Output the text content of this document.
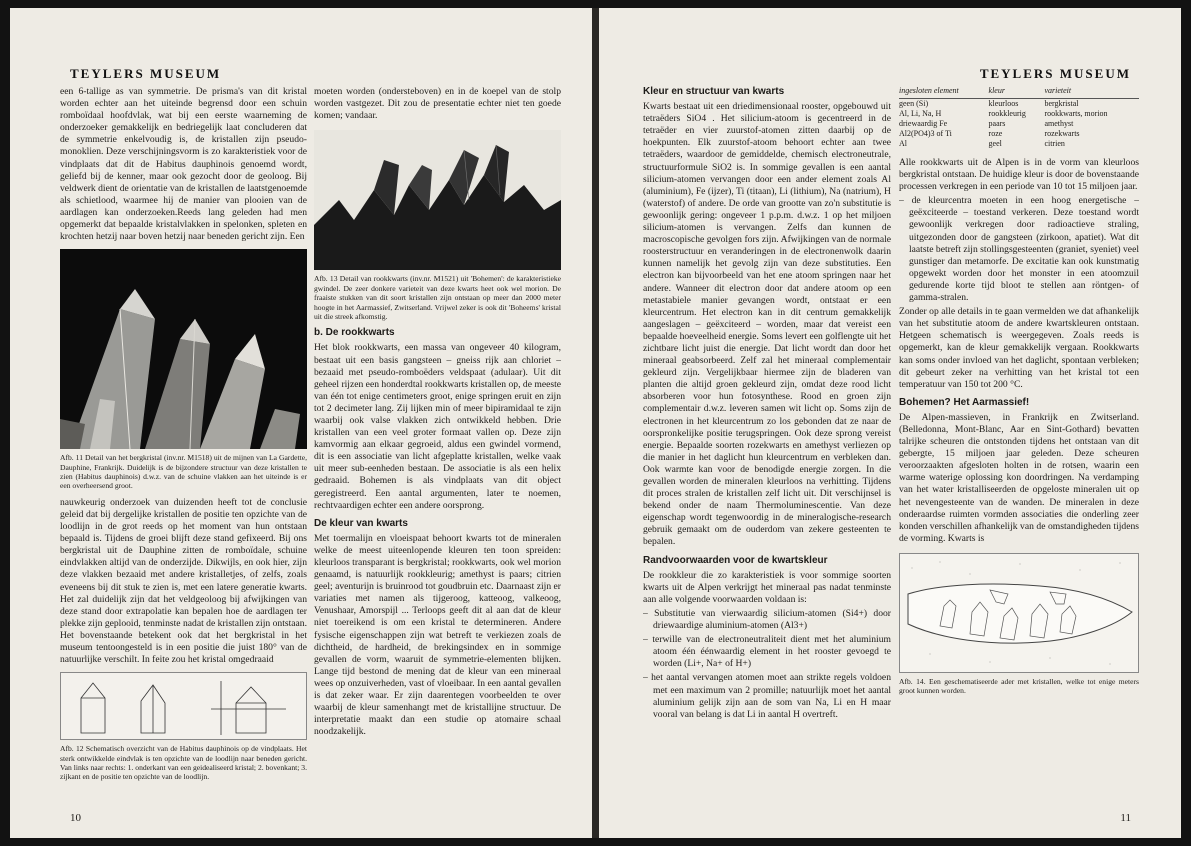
TEYLERS MUSEUM

een 6-tallige as van symmetrie. De prisma's van dit kristal worden echter aan het uiteinde begrensd door een schuin romboïdaal hoofdvlak, wat bij een eerste waarneming de onderzoeker gemakkelijk en bedriegelijk laat concluderen dat de symmetrie enkelvoudig is, de kristallen zijn pseudo-monoklien. Deze verschijningsvorm is zo karakteristiek voor de vindplaats dat dit de Habitus dauphinois genoemd wordt, geliefd bij de kenner, maar ook gezocht door de geoloog. Bij veldwerk dient de orientatie van de kristallen de laatstgenoemde als schietlood, waarmee hij de manier van plooien van de aardlagen kan onderzoeken.Reeds lang geleden had men opgemerkt dat bepaalde kristalvlakken in spelonken, spleten en krochten hetzij naar boven hetzij naar beneden gericht zijn. Een

Afb. 11 Detail van het bergkristal (inv.nr. M1518) uit de mijnen van La Gardette, Dauphine, Frankrijk. Duidelijk is de bijzondere structuur van deze kristallen te zien (Habitus dauphinois) d.w.z. van de schuine vlakken aan het uiteinde is er een overheersend groot.

nauwkeurig onderzoek van duizenden heeft tot de conclusie geleid dat bij dergelijke kristallen de positie ten opzichte van de loodlijn in de grot reeds op het moment van hun ontstaan bepaald is. Tijdens de groei blijft deze stand gefixeerd. Bij ons bergkristal uit de Dauphine zitten de romboïdale, schuine eindvlakken altijd van de onderzijde. Dikwijls, en ook hier, zijn deze vlakken bezaaid met andere kristalletjes, of zelfs, zoals eveneens bij dit stuk te zien is, met een latere generatie kwarts. Het zal duidelijk zijn dat het veldgeoloog bij afwijkingen van deze stand door extrapolatie kan bepalen hoe de aardlagen ter plekke zijn geplooid, tenminste nadat de kristallen zijn ontstaan. Het bovenstaande betekent ook dat het bergkristal in het museum tentoongesteld is in een positie die juist 180° van de natuurlijke verschilt. In feite zou het kristal omgedraaid

Afb. 12 Schematisch overzicht van de Habitus dauphinois op de vindplaats. Het sterk ontwikkelde eindvlak is ten opzichte van de loodlijn naar beneden gericht. Van links naar rechts: 1. onderkant van een geidealiseerd kristal; 2. bovenkant; 3. zijkant en de positie ten opzichte van de loodlijn.

moeten worden (ondersteboven) en in de koepel van de stolp worden vastgezet. Dit zou de presentatie echter niet ten goede komen; vandaar.

Afb. 13 Detail van rookkwarts (inv.nr. M1521) uit 'Bohemen': de karakteristieke gwindel. De zeer donkere varieteit van deze kwarts heet ook wel morion. De fraaiste stukken van dit soort kristallen zijn ontstaan op meer dan 2000 meter hoogte in het Aarmassief, Zwitserland. Vrijwel zeker is ook dit 'Boheems' kristal uit die streek afkomstig.
b. De rookkwarts

Het blok rookkwarts, een massa van ongeveer 40 kilogram, bestaat uit een basis gangsteen – gneiss rijk aan chloriet – bezaaid met pseudo-romboëders veldspaat (adulaar). Uit dit geheel rijzen een honderdtal rookkwarts kristallen op, de meeste van één tot enige centimeters groot, enige springen eruit en zijn tot 2 decimeter lang. Zij lijken min of meer bipiramidaal te zijn waarbij ook valse vlakken zich ontwikkeld hebben. Drie kristallen van een veel groter formaat vallen op. Deze zijn kamvormig aan elkaar gegroeid, aldus een gwindel vormend, dit is een associatie van licht afgeplatte kristallen, welke vaak uit meer sub-eenheden bestaan. De associatie is als een helix gedraaid. Bohemen is als vindplaats van dit object geregistreerd. Een aantal argumenten, later te noemen, rechtvaardigen echter een andere oorsprong.

De kleur van kwarts

Met toermalijn en vloeispaat behoort kwarts tot de mineralen welke de meest uiteenlopende kleuren ten toon spreiden: kleurloos transparant is bergkristal; rookkwarts, ook wel morion genaamd, is natuurlijk rookkleurig; amethyst is paars; citrien geel; aventurijn is bruinrood tot goudbruin etc. Daarnaast zijn er variaties met namen als tijgeroog, katteoog, valkeoog, Venushaar, Amorspijl ... Terloops geeft dit al aan dat de kleur niet toereikend is om een kristal te determineren. Andere fysische eigenschappen zijn wat betreft te verkiezen zoals de dichtheid, de hardheid, de brekingsindex en in sommige gevallen de vorm, waaruit de symmetrie-elementen blijken. Lange tijd bestond de mening dat de kleur van een mineraal wees op onzuiverheden, vast of vloeibaar. In een aantal gevallen is dat zeker waar. Er zijn daarentegen voorbeelden te over waarbij de kleur samenhangt met de kristallijne structuur. De interpretatie maakt dan een studie op atomaire schaal noodzakelijk.

10
TEYLERS MUSEUM
Kleur en structuur van kwarts

Kwarts bestaat uit een driedimensionaal rooster, opgebouwd uit tetraëders SiO4 . Het silicium-atoom is gecentreerd in de tetraëder en vier zuurstof-atomen zitten daarbij op de hoekpunten. Elk zuurstof-atoom behoort echter aan twee tetraëders, waardoor de gemiddelde, chemisch electroneutrale, structuurformule SiO2 is. In sommige gevallen is een aantal silicium-atomen vervangen door een ander element zoals Al (aluminium), Fe (ijzer), Ti (titaan), Li (lithium), Na (natrium), H (waterstof) of andere. De orde van grootte van zo'n substitutie is gewoonlijk gering: ongeveer 1 p.p.m. d.w.z. 1 op het miljoen silicium-atomen is vervangen. Zelfs dan kunnen de macroscopische gevolgen fors zijn. Afwijkingen van de normale roosterstructuur en veranderingen in de electronenwolk daarin kunnen namelijk het gevolg zijn van deze substituties. Een electron kan bijvoorbeeld van het ene atoom springen naar het andere. Wanneer dit electron door dat andere atoom op een metastabiele manier gevangen wordt, ontstaat er een kleurcentrum. Het electron kan in dit centrum gemakkelijk aangeslagen – geëxciteerd – worden, maar dat vereist een bepaalde hoeveelheid energie. Soms levert een golflengte uit het zichtbare licht juist die energie. Dat licht wordt dan door het mineraal geabsorbeerd. Zelf zal het mineraal complementair gekleurd zijn. Vergelijkbaar hiermee zijn de bladeren van planten die altijd groen gekleurd zijn, omdat deze rood licht absorberen voor hun fotosynthese. Rood en groen zijn complementair d.w.z. leveren samen wit licht op. Soms zijn de electronen in het kleurcentrum zo los gebonden dat ze naar de oorspronkelijke positie terugspringen. Ook deze sprong vereist energie. Bepaalde soorten rozekwarts en amethyst verliezen op die manier in het daglicht hun kleurcentrum en verbleken dan. Ook warmte kan voor de benodigde energie zorgen. In die gevallen worden de mineralen kleurloos na verhitting. Tijdens dit proces stralen de kristallen zelf licht uit. Dit verschijnsel is bekend onder de naam Thermoluminescentie. Van deze eigenschap wordt tegenwoordig in de mineralogische-research gebruik gemaakt om de ouderdom van zekere gesteenten te bepalen.

Randvoorwaarden voor de kwartskleur

De rookkleur die zo karakteristiek is voor sommige soorten kwarts uit de Alpen verkrijgt het mineraal pas nadat tenminste aan alle volgende voorwaarden voldaan is:

– Substitutie van vierwaardig silicium-atomen (Si4+) door driewaardige aluminium-atomen (Al3+)
– terwille van de electroneutraliteit dient met het aluminium atoom één éénwaardig element in het rooster gevoegd te worden (Li+, Na+ of H+)
– het aantal vervangen atomen moet aan strikte regels voldoen met een maximum van 2 promille; natuurlijk moet het aantal aluminium gelijk zijn aan de som van Na, Li en H maar vooral van belang is dat Li in aantal H overtreft.
ingesloten element	kleur	varieteit
geen (Si)	kleurloos	bergkristal
Al, Li, Na, H	rookkleurig	rookkwarts, morion
driewaardig Fe	paars	amethyst
Al2(PO4)3 of Ti	roze	rozekwarts
Al	geel	citrien

Alle rookkwarts uit de Alpen is in de vorm van kleurloos bergkristal ontstaan. De huidige kleur is door de bovenstaande processen verkregen in een periode van 10 tot 15 miljoen jaar.

– de kleurcentra moeten in een hoog energetische – geëxciteerde – toestand verkeren. Deze toestand wordt gewoonlijk verkregen door radioactieve straling, uitgezonden door de gangsteen (zirkoon, apatiet). Wat dit laatste betreft zijn stollingsgesteenten (graniet, syeniet) veel gunstiger dan metamorfe. De excitatie kan ook kunstmatig opgewekt worden door het monster in een atoomzuil gedurende korte tijd bloot te stellen aan röntgen- of gamma-stralen.

Zonder op alle details in te gaan vermelden we dat afhankelijk van het substitutie atoom de andere kwartskleuren ontstaan. Hetgeen schematisch is weergegeven. Zoals reeds is opgemerkt, kan de kleur gemakkelijk vergaan. Rookkwarts kan soms onder invloed van het daglicht, spontaan verbleken; dit gebeurt zeker na verhitting van het kristal tot een temperatuur van 150 tot 200 °C.

Bohemen? Het Aarmassief!

De Alpen-massieven, in Frankrijk en Zwitserland. (Belledonna, Mont-Blanc, Aar en Sint-Gothard) bevatten talrijke scheuren die ontstonden tijdens het ontstaan van dit gebergte, 15 miljoen jaar geleden. Deze scheuren veroorzaakten afgesloten holten in de rotsen, waarin een warme waterige oplossing kon doordringen. Na verdamping van het water kristalliseerden de opgeloste mineralen uit op het nevengesteente van de wanden. De mineralen in deze onderaardse ruimten vormden associaties die onderling zeer konden verschillen afhankelijk van de omstandigheden tijdens de vorming. Kwarts is

Afb. 14. Een geschematiseerde ader met kristallen, welke tot enige meters groot kunnen worden.
11
